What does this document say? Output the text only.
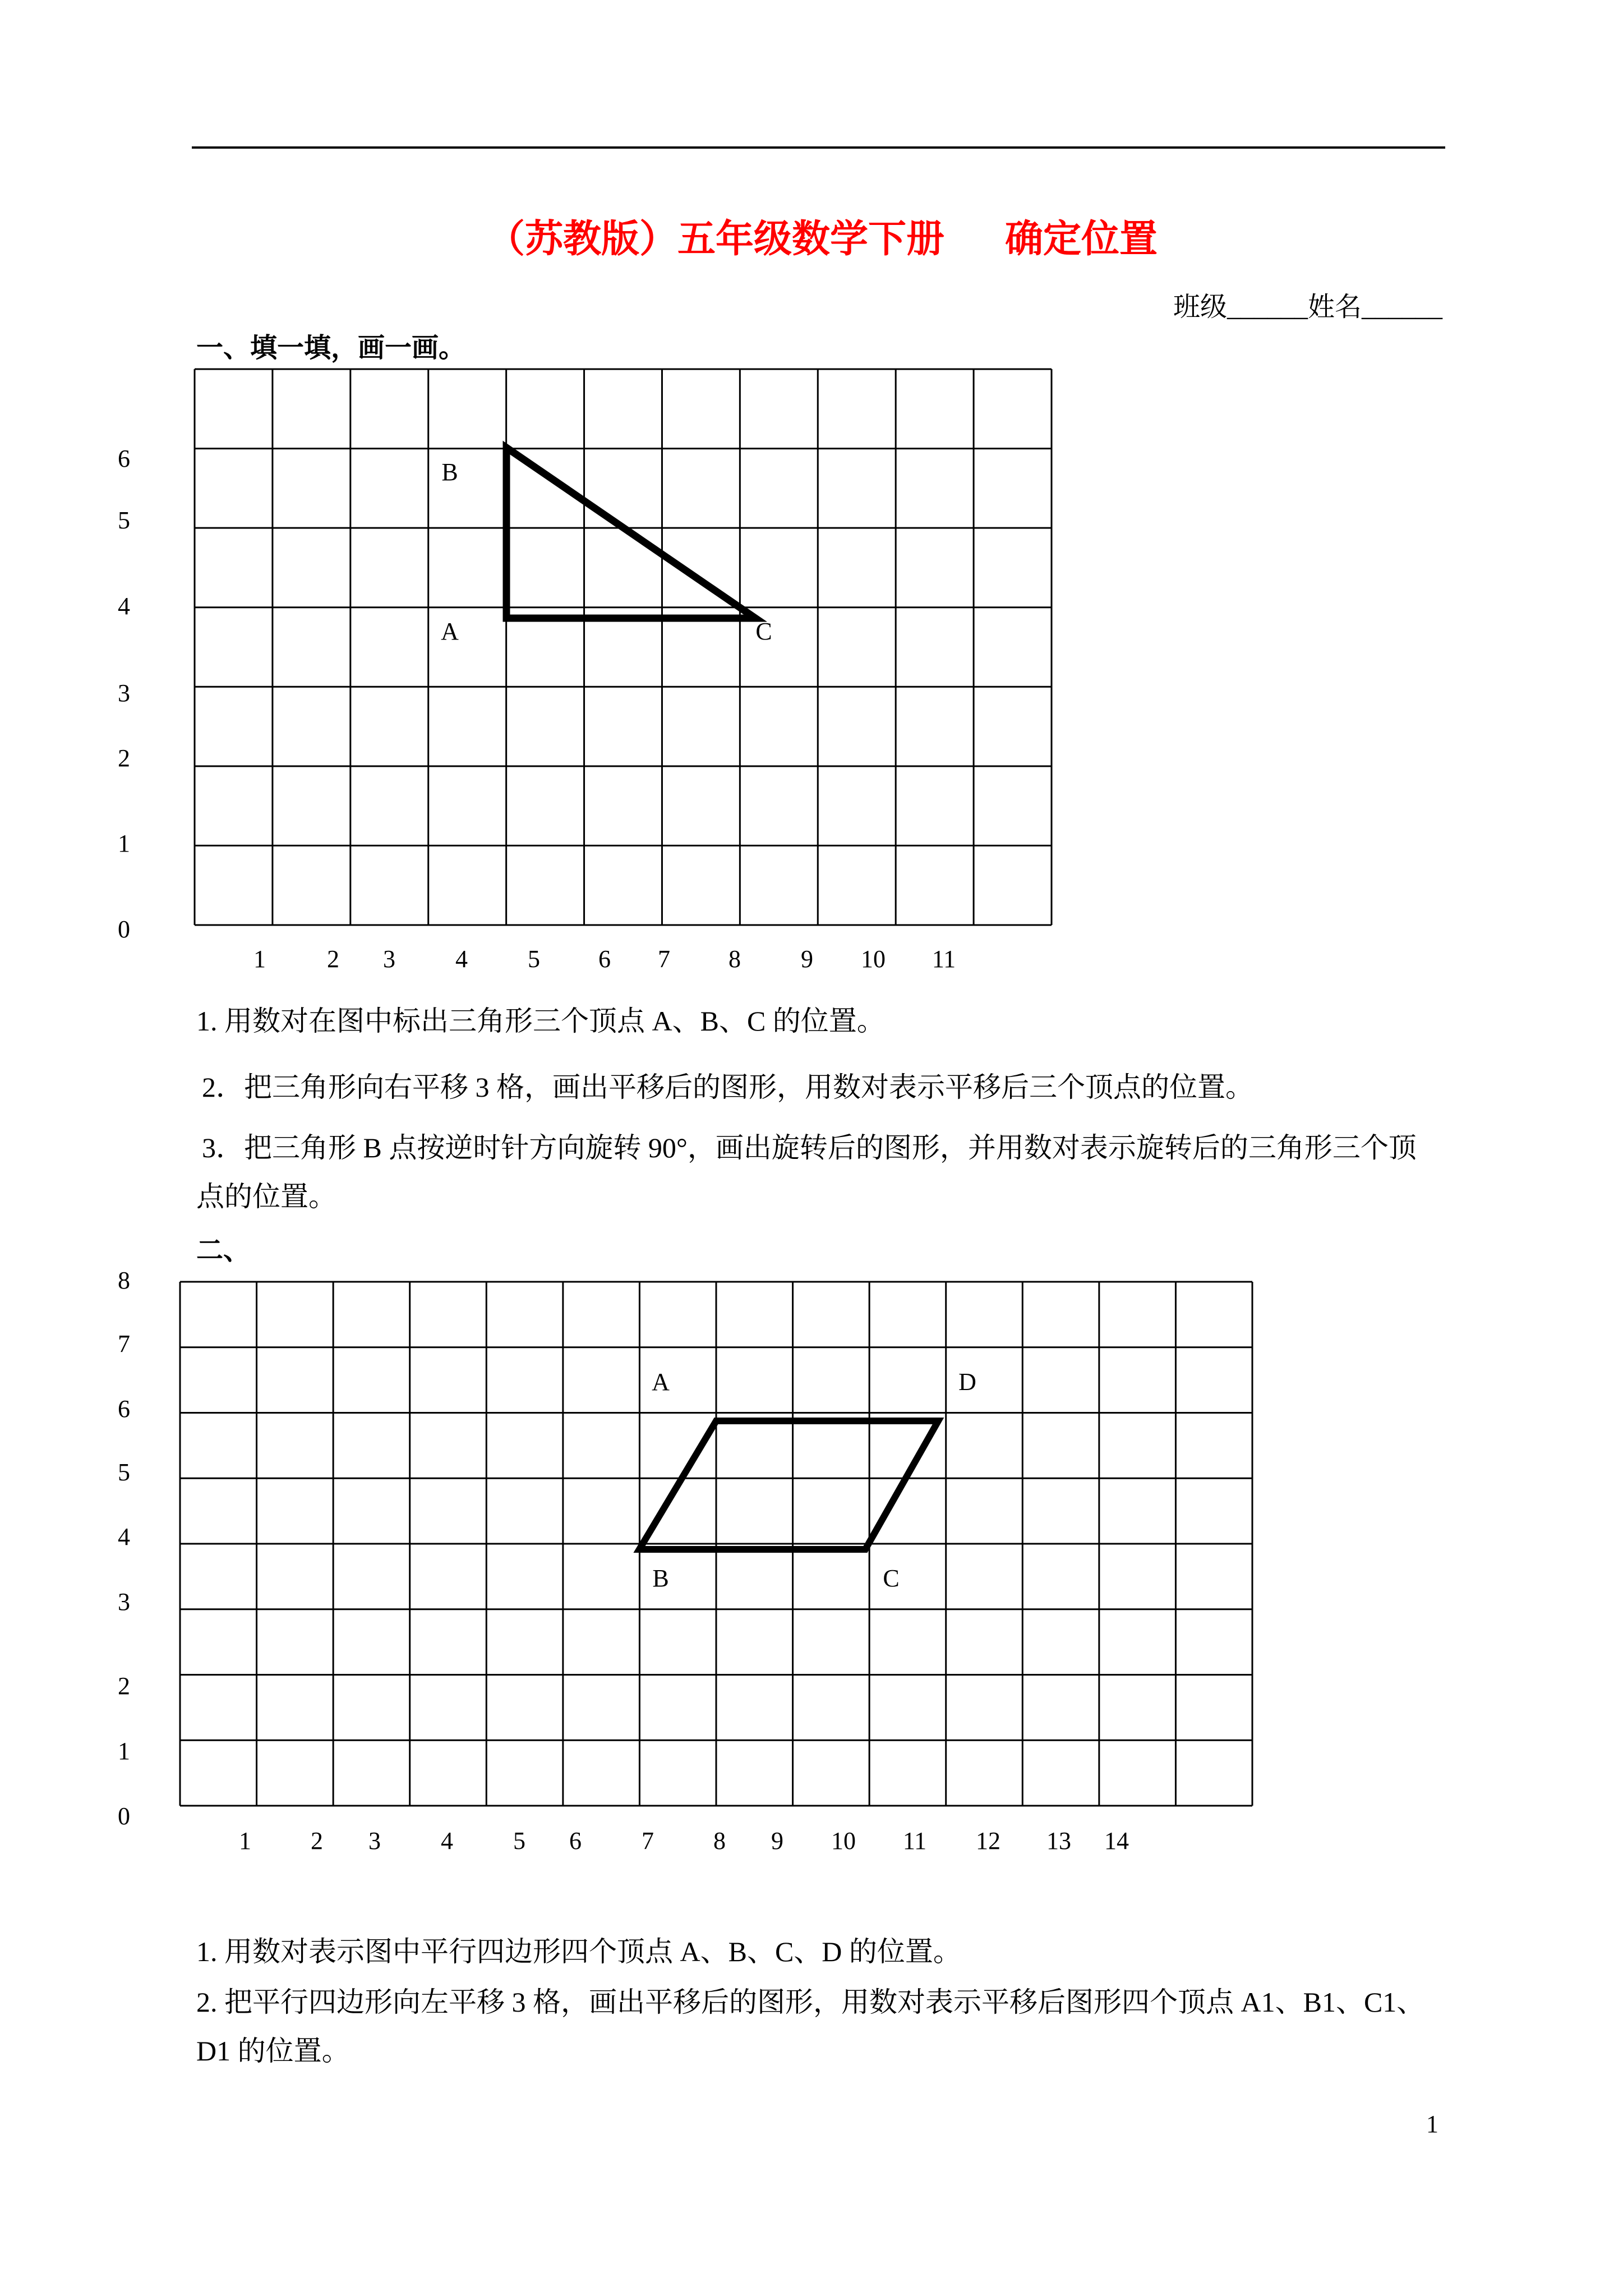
（苏教版）五年级数学下册 确定位置
班级______姓名______
一、填一填，画一画。
6
5
4
3
2
1
0
1 2 3 4 5 6 7 8 9 10 11
B
A	C
1. 用数对在图中标出三角形三个顶点 A、B、C 的位置。
2．把三角形向右平移 3 格，画出平移后的图形，用数对表示平移后三个顶点的位置。
3．把三角形 B 点按逆时针方向旋转 90°，画出旋转后的图形，并用数对表示旋转后的三角形三个顶
点的位置。
二、
8
7
6
5
4
3
2
1
0
1 2 3 4 5 6 7 8 9 10 11 12 13 14
A	D
B	C
1. 用数对表示图中平行四边形四个顶点 A、B、C、D 的位置。
2. 把平行四边形向左平移 3 格，画出平移后的图形，用数对表示平移后图形四个顶点 A1、B1、C1、
D1 的位置。
1
